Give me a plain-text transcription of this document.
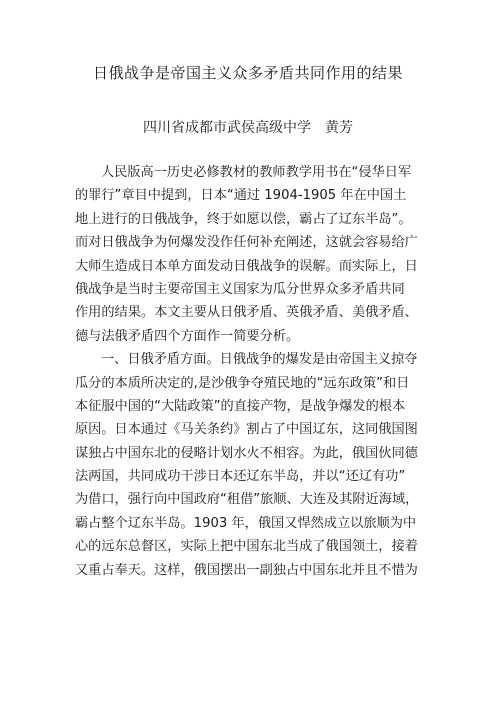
日俄战争是帝国主义众多矛盾共同作用的结果
四川省成都市武侯高级中学 黄芳
人民版高一历史必修教材的教师教学用书在“侵华日军
的罪行”章目中提到，日本“通过 1904-1905 年在中国土
地上进行的日俄战争，终于如愿以偿，霸占了辽东半岛”。
而对日俄战争为何爆发没作任何补充阐述，这就会容易给广
大师生造成日本单方面发动日俄战争的误解。而实际上，日
俄战争是当时主要帝国主义国家为瓜分世界众多矛盾共同
作用的结果。本文主要从日俄矛盾、英俄矛盾、美俄矛盾、
德与法俄矛盾四个方面作一简要分析。
一、日俄矛盾方面。日俄战争的爆发是由帝国主义掠夺
瓜分的本质所决定的,是沙俄争夺殖民地的“远东政策”和日
本征服中国的“大陆政策”的直接产物，是战争爆发的根本
原因。日本通过《马关条约》割占了中国辽东，这同俄国图
谋独占中国东北的侵略计划水火不相容。为此，俄国伙同德
法两国，共同成功干涉日本还辽东半岛，并以“还辽有功”
为借口，强行向中国政府“租借”旅顺、大连及其附近海域，
霸占整个辽东半岛。1903 年，俄国又悍然成立以旅顺为中
心的远东总督区，实际上把中国东北当成了俄国领土，接着
又重占奉天。这样，俄国摆出一副独占中国东北并且不惜为
